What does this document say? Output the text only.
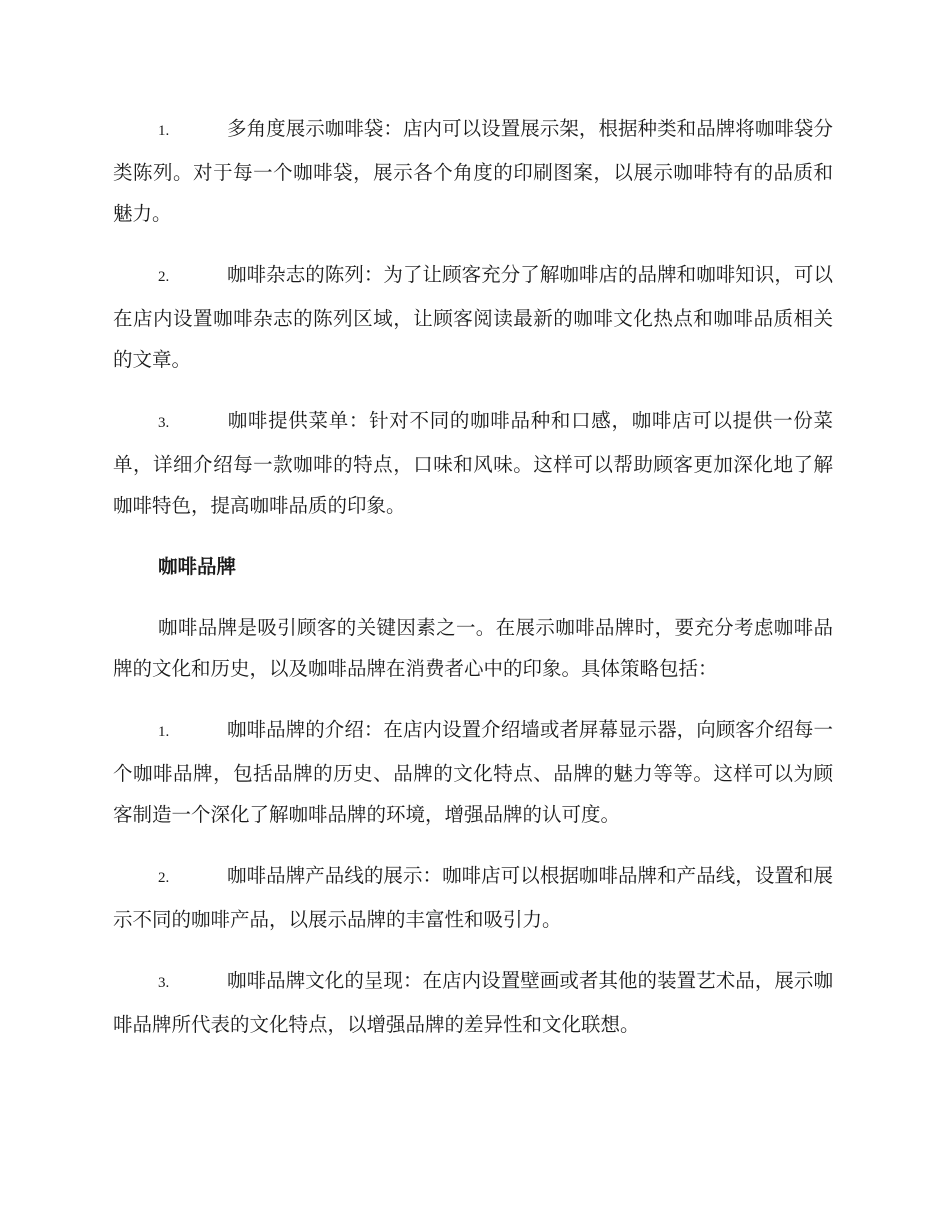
1.	多角度展示咖啡袋：店内可以设置展示架，根据种类和品牌将咖啡袋分类陈列。对于每一个咖啡袋，展示各个角度的印刷图案，以展示咖啡特有的品质和魅力。

2.	咖啡杂志的陈列：为了让顾客充分了解咖啡店的品牌和咖啡知识，可以在店内设置咖啡杂志的陈列区域，让顾客阅读最新的咖啡文化热点和咖啡品质相关的文章。

3.	咖啡提供菜单：针对不同的咖啡品种和口感，咖啡店可以提供一份菜单，详细介绍每一款咖啡的特点，口味和风味。这样可以帮助顾客更加深化地了解咖啡特色，提高咖啡品质的印象。

咖啡品牌

咖啡品牌是吸引顾客的关键因素之一。在展示咖啡品牌时，要充分考虑咖啡品牌的文化和历史，以及咖啡品牌在消费者心中的印象。具体策略包括：

1.	咖啡品牌的介绍：在店内设置介绍墙或者屏幕显示器，向顾客介绍每一个咖啡品牌，包括品牌的历史、品牌的文化特点、品牌的魅力等等。这样可以为顾客制造一个深化了解咖啡品牌的环境，增强品牌的认可度。

2.	咖啡品牌产品线的展示：咖啡店可以根据咖啡品牌和产品线，设置和展示不同的咖啡产品，以展示品牌的丰富性和吸引力。

3.	咖啡品牌文化的呈现：在店内设置壁画或者其他的装置艺术品，展示咖啡品牌所代表的文化特点，以增强品牌的差异性和文化联想。
